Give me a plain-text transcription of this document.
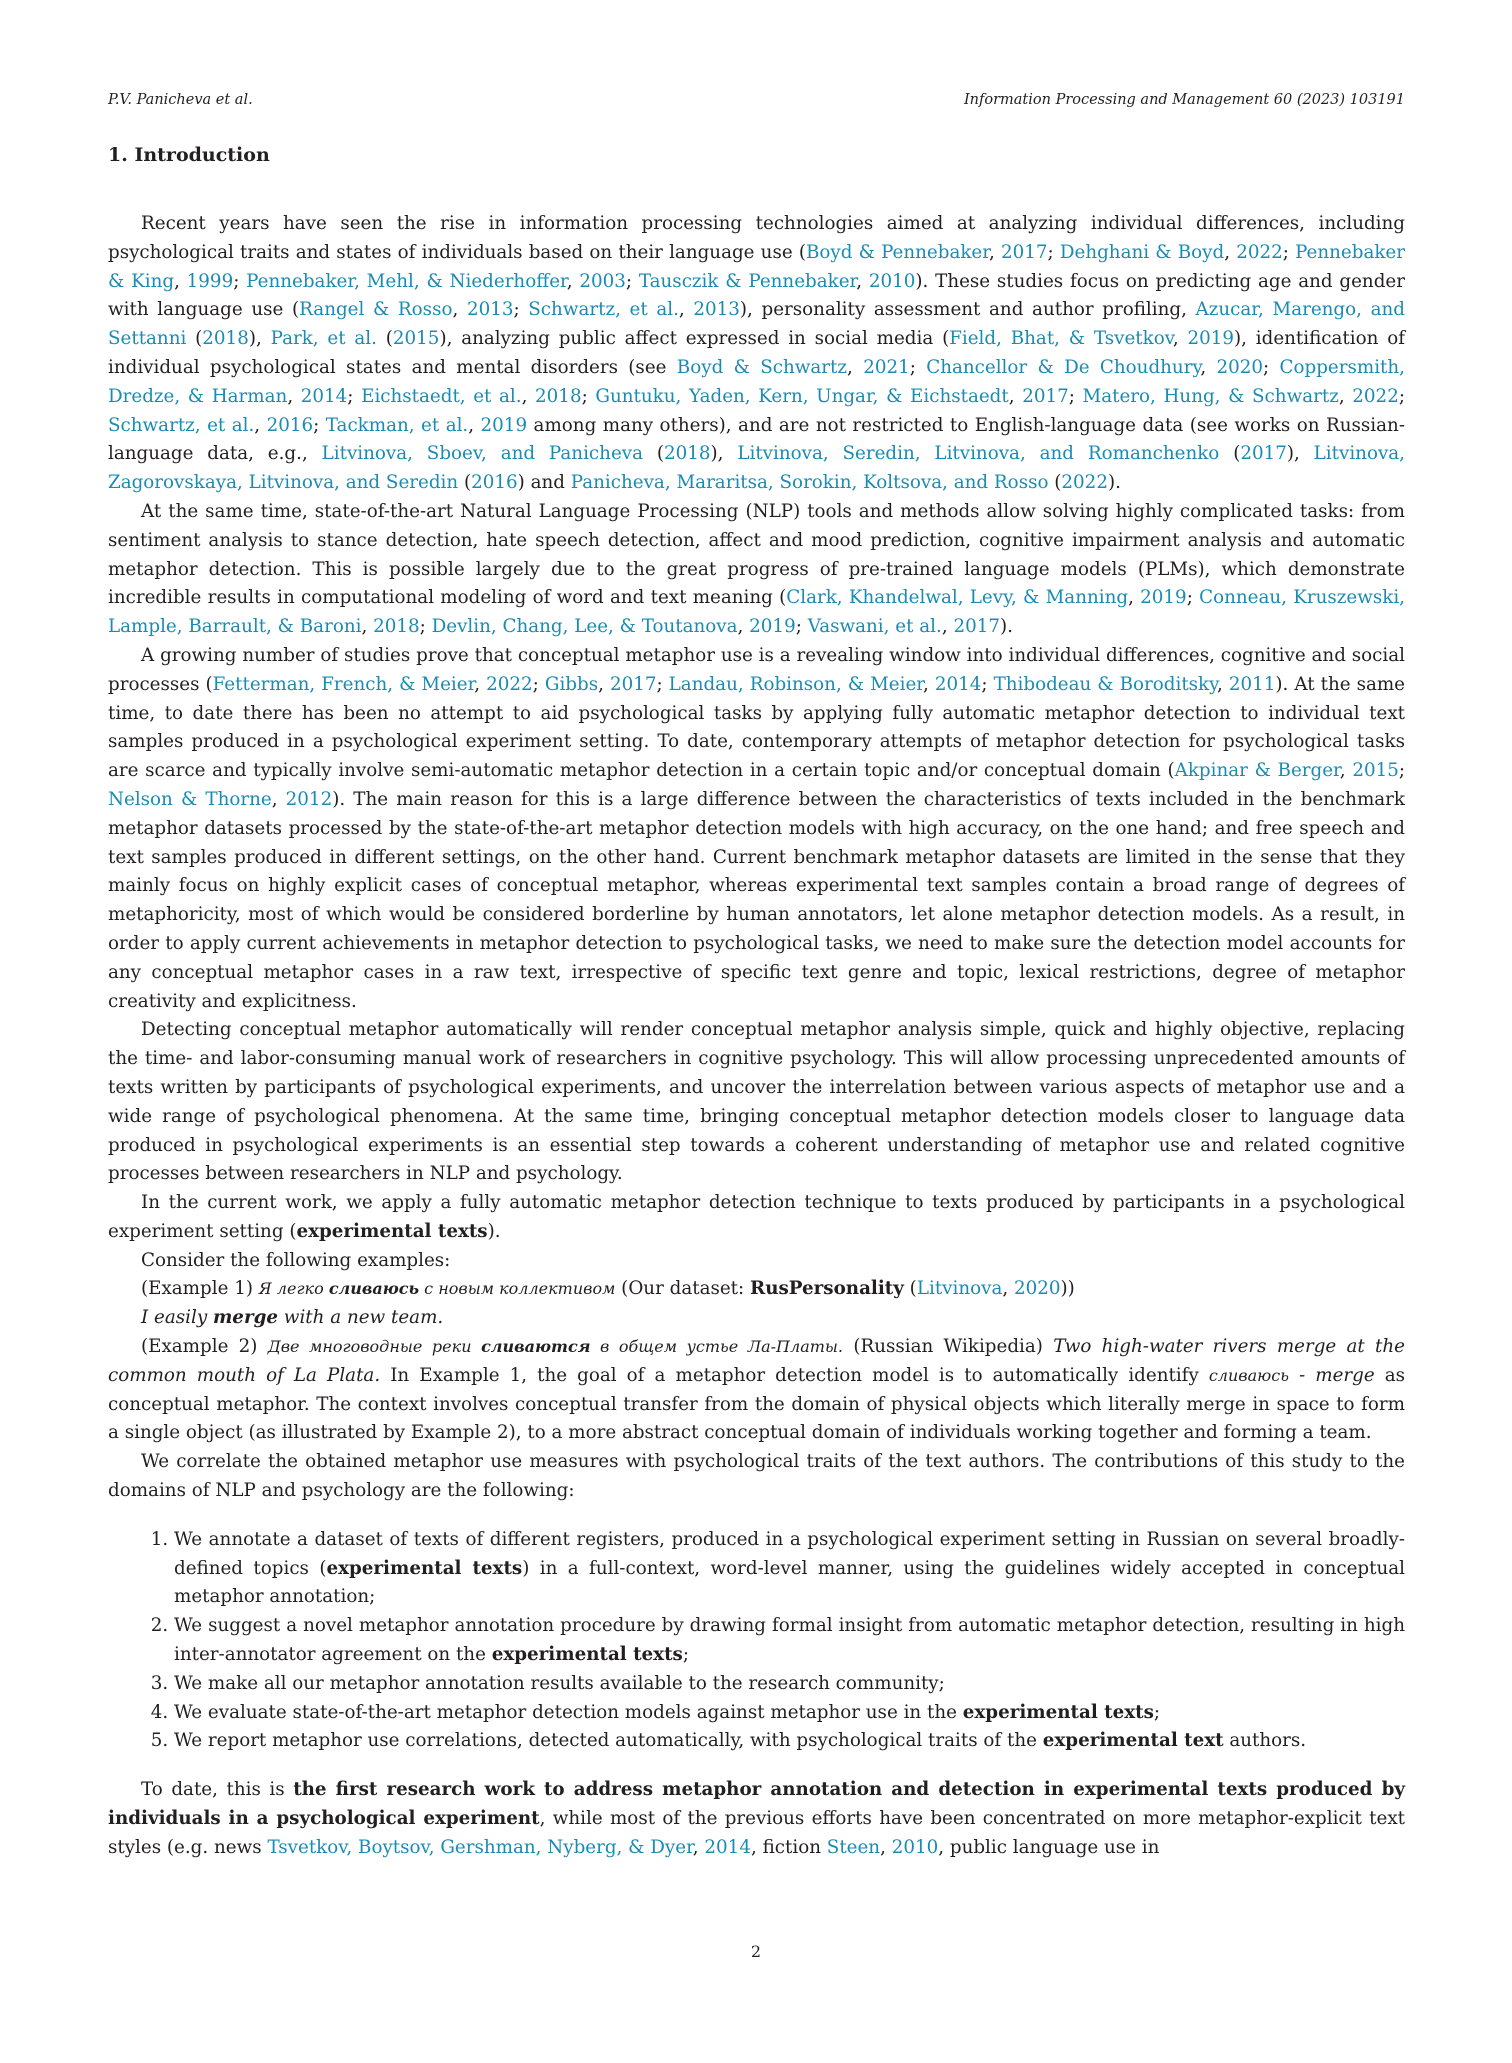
P.V. Panicheva et al.	Information Processing and Management 60 (2023) 103191
1. Introduction

Recent years have seen the rise in information processing technologies aimed at analyzing individual differences, including psychological traits and states of individuals based on their language use (Boyd & Pennebaker, 2017; Dehghani & Boyd, 2022; Pennebaker & King, 1999; Pennebaker, Mehl, & Niederhoffer, 2003; Tausczik & Pennebaker, 2010). These studies focus on predicting age and gender with language use (Rangel & Rosso, 2013; Schwartz, et al., 2013), personality assessment and author profiling, Azucar, Marengo, and Settanni (2018), Park, et al. (2015), analyzing public affect expressed in social media (Field, Bhat, & Tsvetkov, 2019), identification of individual psychological states and mental disorders (see Boyd & Schwartz, 2021; Chancellor & De Choudhury, 2020; Coppersmith, Dredze, & Harman, 2014; Eichstaedt, et al., 2018; Guntuku, Yaden, Kern, Ungar, & Eichstaedt, 2017; Matero, Hung, & Schwartz, 2022; Schwartz, et al., 2016; Tackman, et al., 2019 among many others), and are not restricted to English-language data (see works on Russian-language data, e.g., Litvinova, Sboev, and Panicheva (2018), Litvinova, Seredin, Litvinova, and Romanchenko (2017), Litvinova, Zagorovskaya, Litvinova, and Seredin (2016) and Panicheva, Mararitsa, Sorokin, Koltsova, and Rosso (2022).

At the same time, state-of-the-art Natural Language Processing (NLP) tools and methods allow solving highly complicated tasks: from sentiment analysis to stance detection, hate speech detection, affect and mood prediction, cognitive impairment analysis and automatic metaphor detection. This is possible largely due to the great progress of pre-trained language models (PLMs), which demonstrate incredible results in computational modeling of word and text meaning (Clark, Khandelwal, Levy, & Manning, 2019; Conneau, Kruszewski, Lample, Barrault, & Baroni, 2018; Devlin, Chang, Lee, & Toutanova, 2019; Vaswani, et al., 2017).

A growing number of studies prove that conceptual metaphor use is a revealing window into individual differences, cognitive and social processes (Fetterman, French, & Meier, 2022; Gibbs, 2017; Landau, Robinson, & Meier, 2014; Thibodeau & Boroditsky, 2011). At the same time, to date there has been no attempt to aid psychological tasks by applying fully automatic metaphor detection to individual text samples produced in a psychological experiment setting. To date, contemporary attempts of metaphor detection for psychological tasks are scarce and typically involve semi-automatic metaphor detection in a certain topic and/or conceptual domain (Akpinar & Berger, 2015; Nelson & Thorne, 2012). The main reason for this is a large difference between the characteristics of texts included in the benchmark metaphor datasets processed by the state-of-the-art metaphor detection models with high accuracy, on the one hand; and free speech and text samples produced in different settings, on the other hand. Current benchmark metaphor datasets are limited in the sense that they mainly focus on highly explicit cases of conceptual metaphor, whereas experimental text samples contain a broad range of degrees of metaphoricity, most of which would be considered borderline by human annotators, let alone metaphor detection models. As a result, in order to apply current achievements in metaphor detection to psychological tasks, we need to make sure the detection model accounts for any conceptual metaphor cases in a raw text, irrespective of specific text genre and topic, lexical restrictions, degree of metaphor creativity and explicitness.

Detecting conceptual metaphor automatically will render conceptual metaphor analysis simple, quick and highly objective, replacing the time- and labor-consuming manual work of researchers in cognitive psychology. This will allow processing unprecedented amounts of texts written by participants of psychological experiments, and uncover the interrelation between various aspects of metaphor use and a wide range of psychological phenomena. At the same time, bringing conceptual metaphor detection models closer to language data produced in psychological experiments is an essential step towards a coherent understanding of metaphor use and related cognitive processes between researchers in NLP and psychology.

In the current work, we apply a fully automatic metaphor detection technique to texts produced by participants in a psychological experiment setting (experimental texts).

Consider the following examples:

(Example 1) Я легко сливаюсь с новым коллективом (Our dataset: RusPersonality (Litvinova, 2020))

I easily merge with a new team.

(Example 2) Две многоводные реки сливаются в общем устье Ла-Платы. (Russian Wikipedia) Two high-water rivers merge at the common mouth of La Plata. In Example 1, the goal of a metaphor detection model is to automatically identify сливаюсь - merge as conceptual metaphor. The context involves conceptual transfer from the domain of physical objects which literally merge in space to form a single object (as illustrated by Example 2), to a more abstract conceptual domain of individuals working together and forming a team.

We correlate the obtained metaphor use measures with psychological traits of the text authors. The contributions of this study to the domains of NLP and psychology are the following:

1. We annotate a dataset of texts of different registers, produced in a psychological experiment setting in Russian on several broadly-defined topics (experimental texts) in a full-context, word-level manner, using the guidelines widely accepted in conceptual metaphor annotation;
2. We suggest a novel metaphor annotation procedure by drawing formal insight from automatic metaphor detection, resulting in high inter-annotator agreement on the experimental texts;
3. We make all our metaphor annotation results available to the research community;
4. We evaluate state-of-the-art metaphor detection models against metaphor use in the experimental texts;
5. We report metaphor use correlations, detected automatically, with psychological traits of the experimental text authors.

To date, this is the first research work to address metaphor annotation and detection in experimental texts produced by individuals in a psychological experiment, while most of the previous efforts have been concentrated on more metaphor-explicit text styles (e.g. news Tsvetkov, Boytsov, Gershman, Nyberg, & Dyer, 2014, fiction Steen, 2010, public language use in

2
